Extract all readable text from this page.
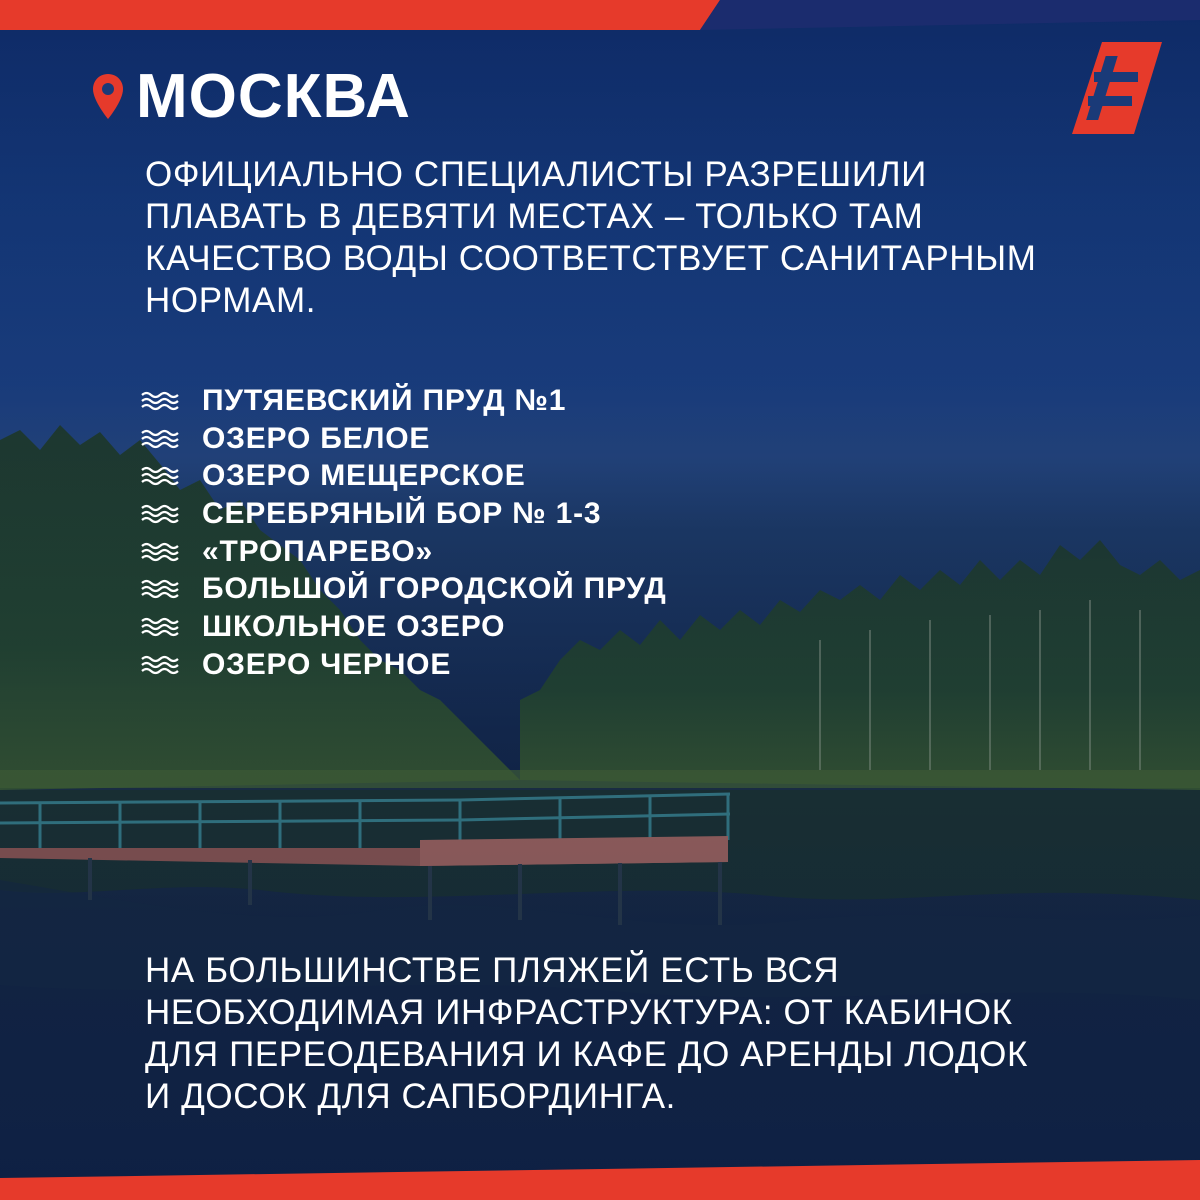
МОСКВА

ОФИЦИАЛЬНО СПЕЦИАЛИСТЫ РАЗРЕШИЛИ
ПЛАВАТЬ В ДЕВЯТИ МЕСТАХ – ТОЛЬКО ТАМ
КАЧЕСТВО ВОДЫ СООТВЕТСТВУЕТ САНИТАРНЫМ
НОРМАМ.

ПУТЯЕВСКИЙ ПРУД №1
ОЗЕРО БЕЛОЕ
ОЗЕРО МЕЩЕРСКОЕ
СЕРЕБРЯНЫЙ БОР № 1-3
«ТРОПАРЕВО»
БОЛЬШОЙ ГОРОДСКОЙ ПРУД
ШКОЛЬНОЕ ОЗЕРО
ОЗЕРО ЧЕРНОЕ

НА БОЛЬШИНСТВЕ ПЛЯЖЕЙ ЕСТЬ ВСЯ
НЕОБХОДИМАЯ ИНФРАСТРУКТУРА: ОТ КАБИНОК
ДЛЯ ПЕРЕОДЕВАНИЯ И КАФЕ ДО АРЕНДЫ ЛОДОК
И ДОСОК ДЛЯ САПБОРДИНГА.
